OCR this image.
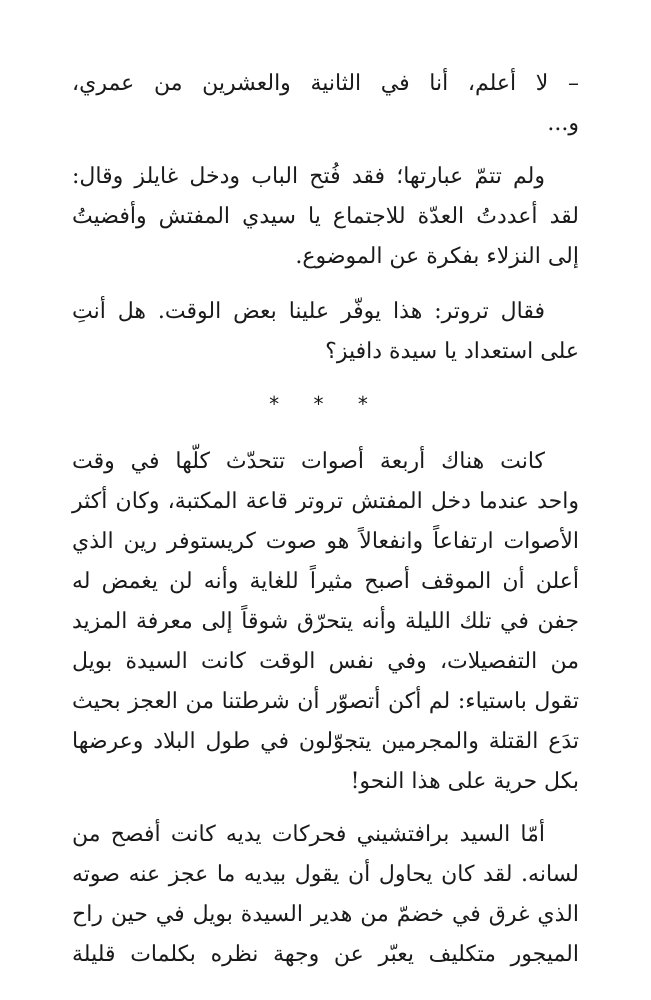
– لا أعلم، أنا في الثانية والعشرين من عمري،
و...
ولم تتمّ عبارتها؛ فقد فُتح الباب ودخل غايلز وقال:
لقد أعددتُ العدّة للاجتماع يا سيدي المفتش وأفضيتُ
إلى النزلاء بفكرة عن الموضوع.
فقال تروتر: هذا يوفّر علينا بعض الوقت. هل أنتِ
على استعداد يا سيدة دافيز؟
* * *
كانت هناك أربعة أصوات تتحدّث كلّها في وقت
واحد عندما دخل المفتش تروتر قاعة المكتبة، وكان أكثر
الأصوات ارتفاعاً وانفعالاً هو صوت كريستوفر رين الذي
أعلن أن الموقف أصبح مثيراً للغاية وأنه لن يغمض له
جفن في تلك الليلة وأنه يتحرّق شوقاً إلى معرفة المزيد
من التفصيلات، وفي نفس الوقت كانت السيدة بويل
تقول باستياء: لم أكن أتصوّر أن شرطتنا من العجز بحيث
تدَع القتلة والمجرمين يتجوّلون في طول البلاد وعرضها
بكل حرية على هذا النحو!
أمّا السيد برافتشيني فحركات يديه كانت أفصح من
لسانه. لقد كان يحاول أن يقول بيديه ما عجز عنه صوته
الذي غرق في خضمّ من هدير السيدة بويل في حين راح
الميجور متكليف يعبّر عن وجهة نظره بكلمات قليلة
